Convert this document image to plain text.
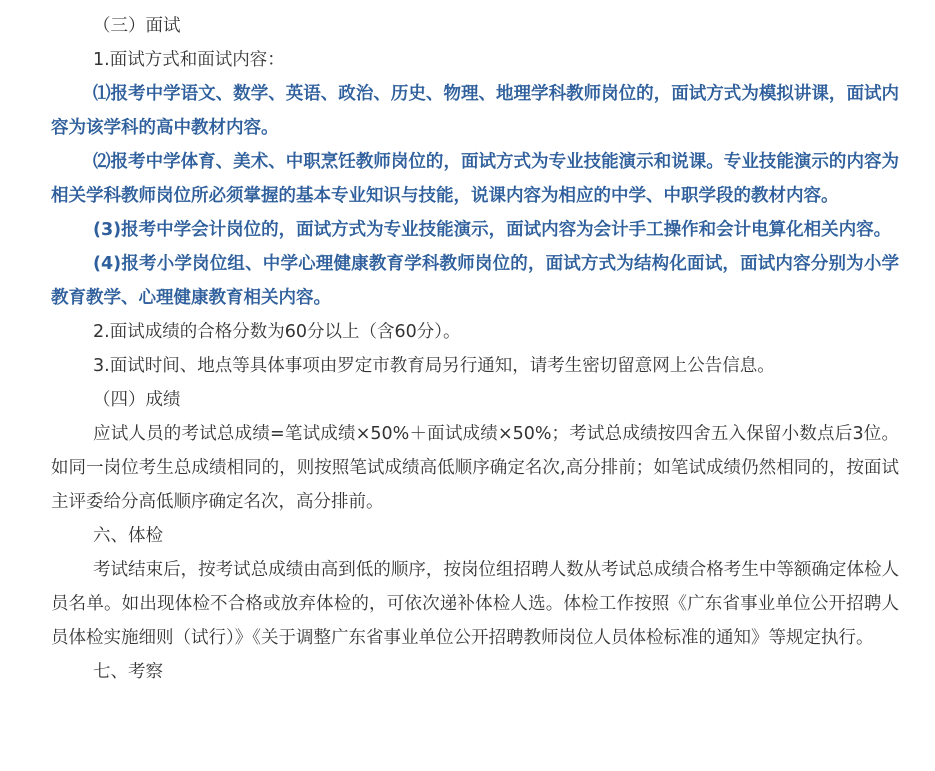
（三）面试

1.面试方式和面试内容：

⑴报考中学语文、数学、英语、政治、历史、物理、地理学科教师岗位的，面试方式为模拟讲课，面试内容为该学科的高中教材内容。

⑵报考中学体育、美术、中职烹饪教师岗位的，面试方式为专业技能演示和说课。专业技能演示的内容为相关学科教师岗位所必须掌握的基本专业知识与技能，说课内容为相应的中学、中职学段的教材内容。

(3)报考中学会计岗位的，面试方式为专业技能演示，面试内容为会计手工操作和会计电算化相关内容。

(4)报考小学岗位组、中学心理健康教育学科教师岗位的，面试方式为结构化面试，面试内容分别为小学教育教学、心理健康教育相关内容。

2.面试成绩的合格分数为60分以上（含60分）。

3.面试时间、地点等具体事项由罗定市教育局另行通知，请考生密切留意网上公告信息。

（四）成绩

应试人员的考试总成绩=笔试成绩×50%＋面试成绩×50%；考试总成绩按四舍五入保留小数点后3位。如同一岗位考生总成绩相同的，则按照笔试成绩高低顺序确定名次,高分排前；如笔试成绩仍然相同的，按面试主评委给分高低顺序确定名次，高分排前。

六、体检

考试结束后，按考试总成绩由高到低的顺序，按岗位组招聘人数从考试总成绩合格考生中等额确定体检人员名单。如出现体检不合格或放弃体检的，可依次递补体检人选。体检工作按照《广东省事业单位公开招聘人员体检实施细则（试行）》《关于调整广东省事业单位公开招聘教师岗位人员体检标准的通知》等规定执行。

七、考察
